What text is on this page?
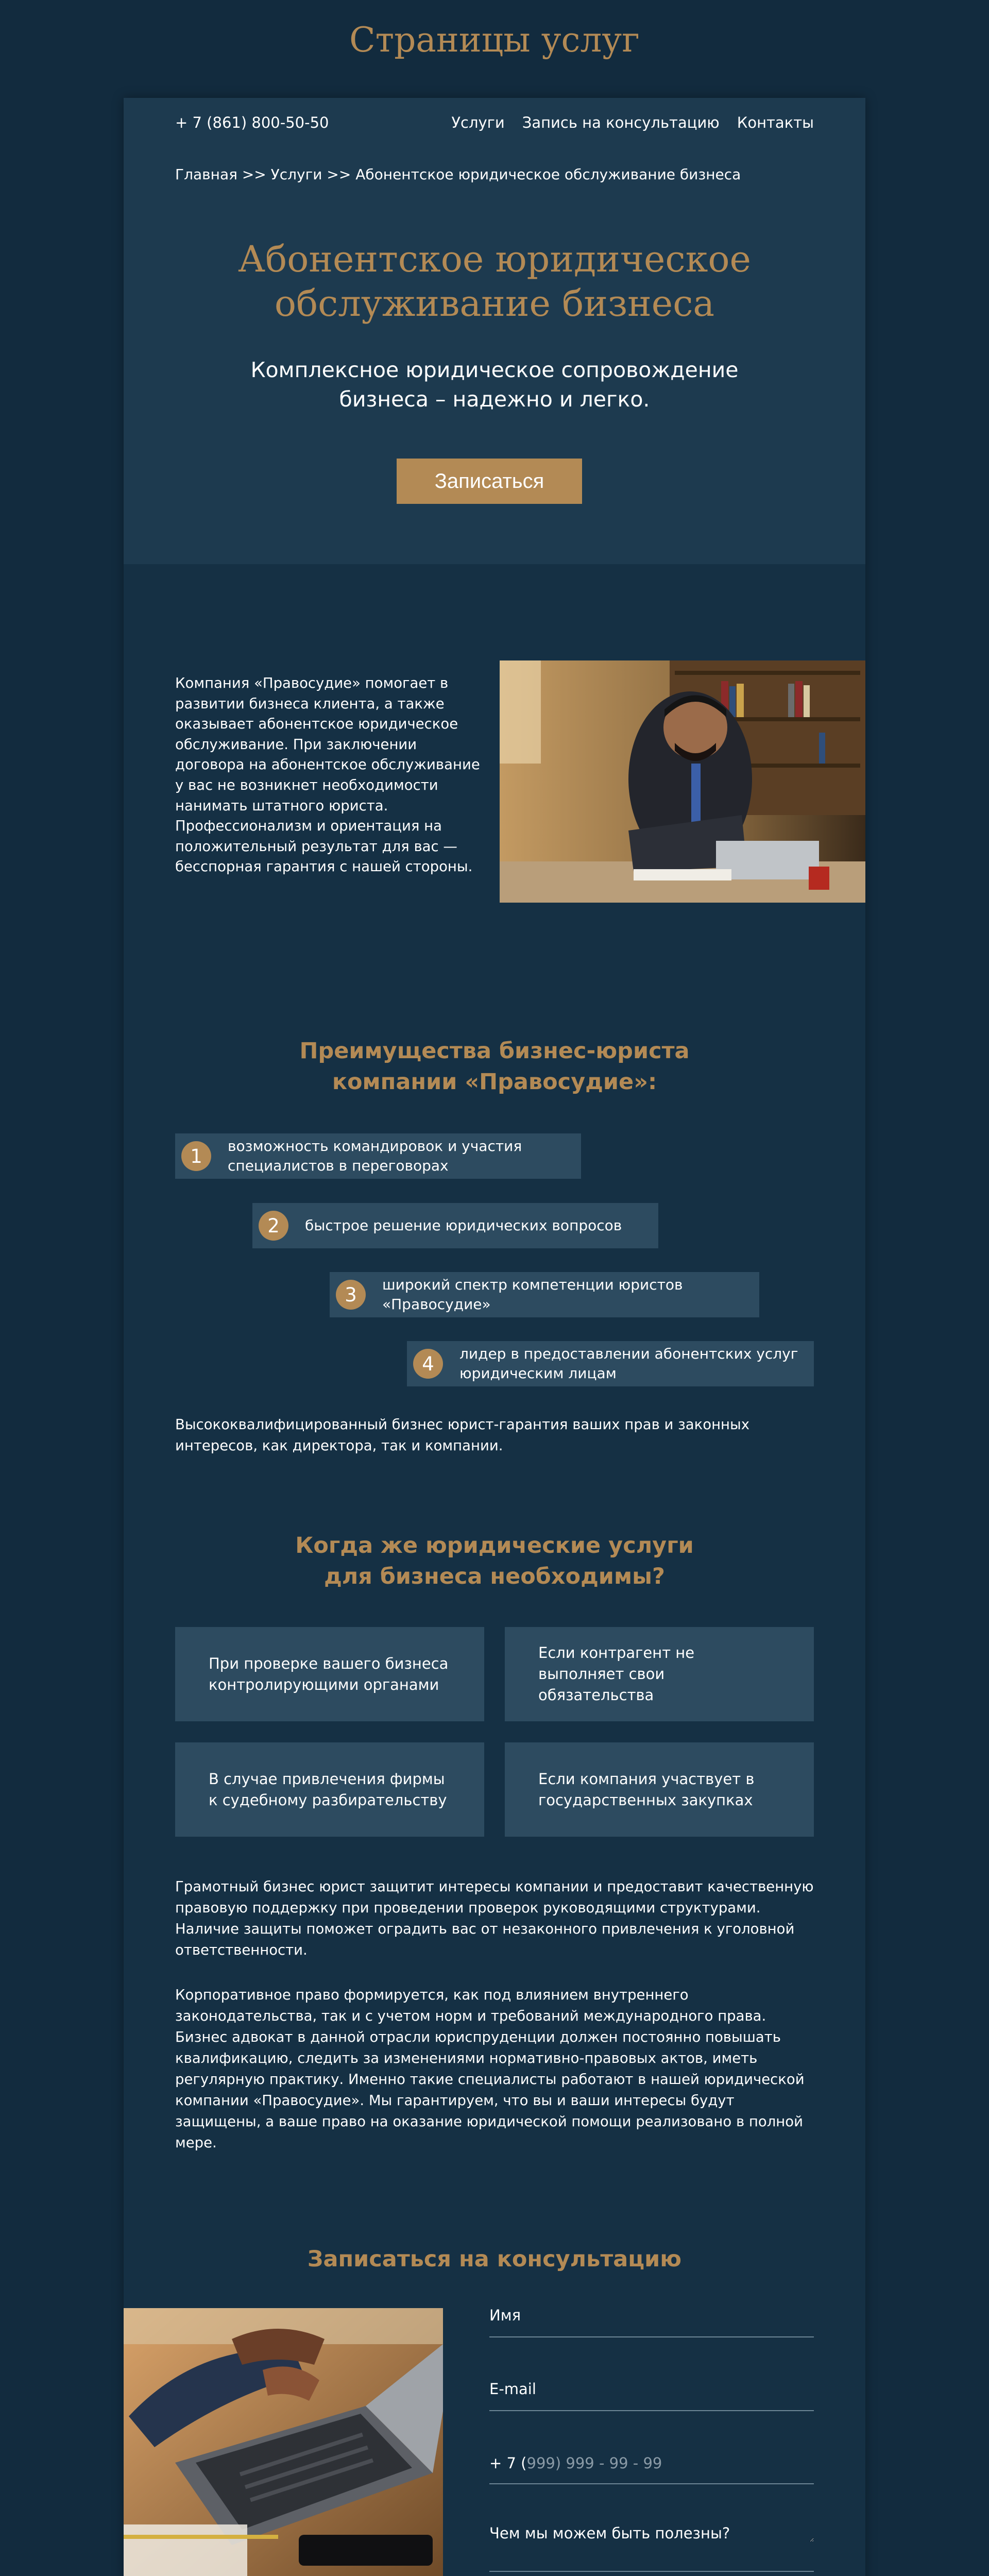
Страницы услуг
+ 7 (861) 800-50-50	Услуги Запись на консультацию Контакты
Главная >> Услуги >> Абонентское юридическое обслуживание бизнеса
Абонентское юридическое
обслуживание бизнеса
Комплексное юридическое сопровождение
бизнеса – надежно и легко.
Записаться

Компания «Правосудие» помогает в развитии бизнеса клиента, а также оказывает абонентское юридическое обслуживание. При заключении договора на абонентское обслуживание у вас не возникнет необходимости нанимать штатного юриста. Профессионализм и ориентация на положительный результат для вас — бесспорная гарантия с нашей стороны.

Преимущества бизнес-юриста
компании «Правосудие»:
1	возможность командировок и участия специалистов в переговорах
2	быстрое решение юридических вопросов
3	широкий спектр компетенции юристов «Правосудие»
4	лидер в предоставлении абонентских услуг юридическим лицам

Высококвалифицированный бизнес юрист-гарантия ваших прав и законных интересов, как директора, так и компании.

Когда же юридические услуги
для бизнеса необходимы?
При проверке вашего бизнеса контролирующими органами
Если контрагент не выполняет свои обязательства
В случае привлечения фирмы к судебному разбирательству
Если компания участвует в государственных закупках

Грамотный бизнес юрист защитит интересы компании и предоставит качественную правовую поддержку при проведении проверок руководящими структурами. Наличие защиты поможет оградить вас от незаконного привлечения к уголовной ответственности.

Корпоративное право формируется, как под влиянием внутреннего законодательства, так и с учетом норм и требований международного права. Бизнес адвокат в данной отрасли юриспруденции должен постоянно повышать квалификацию, следить за изменениями нормативно-правовых актов, иметь регулярную практику. Именно такие специалисты работают в нашей юридической компании «Правосудие». Мы гарантируем, что вы и ваши интересы будут защищены, а ваше право на оказание юридической помощи реализовано в полной мере.

Записаться на консультацию
Имя
E-mail
+ 7 (999) 999 - 99 - 99
Чем мы можем быть полезны?
